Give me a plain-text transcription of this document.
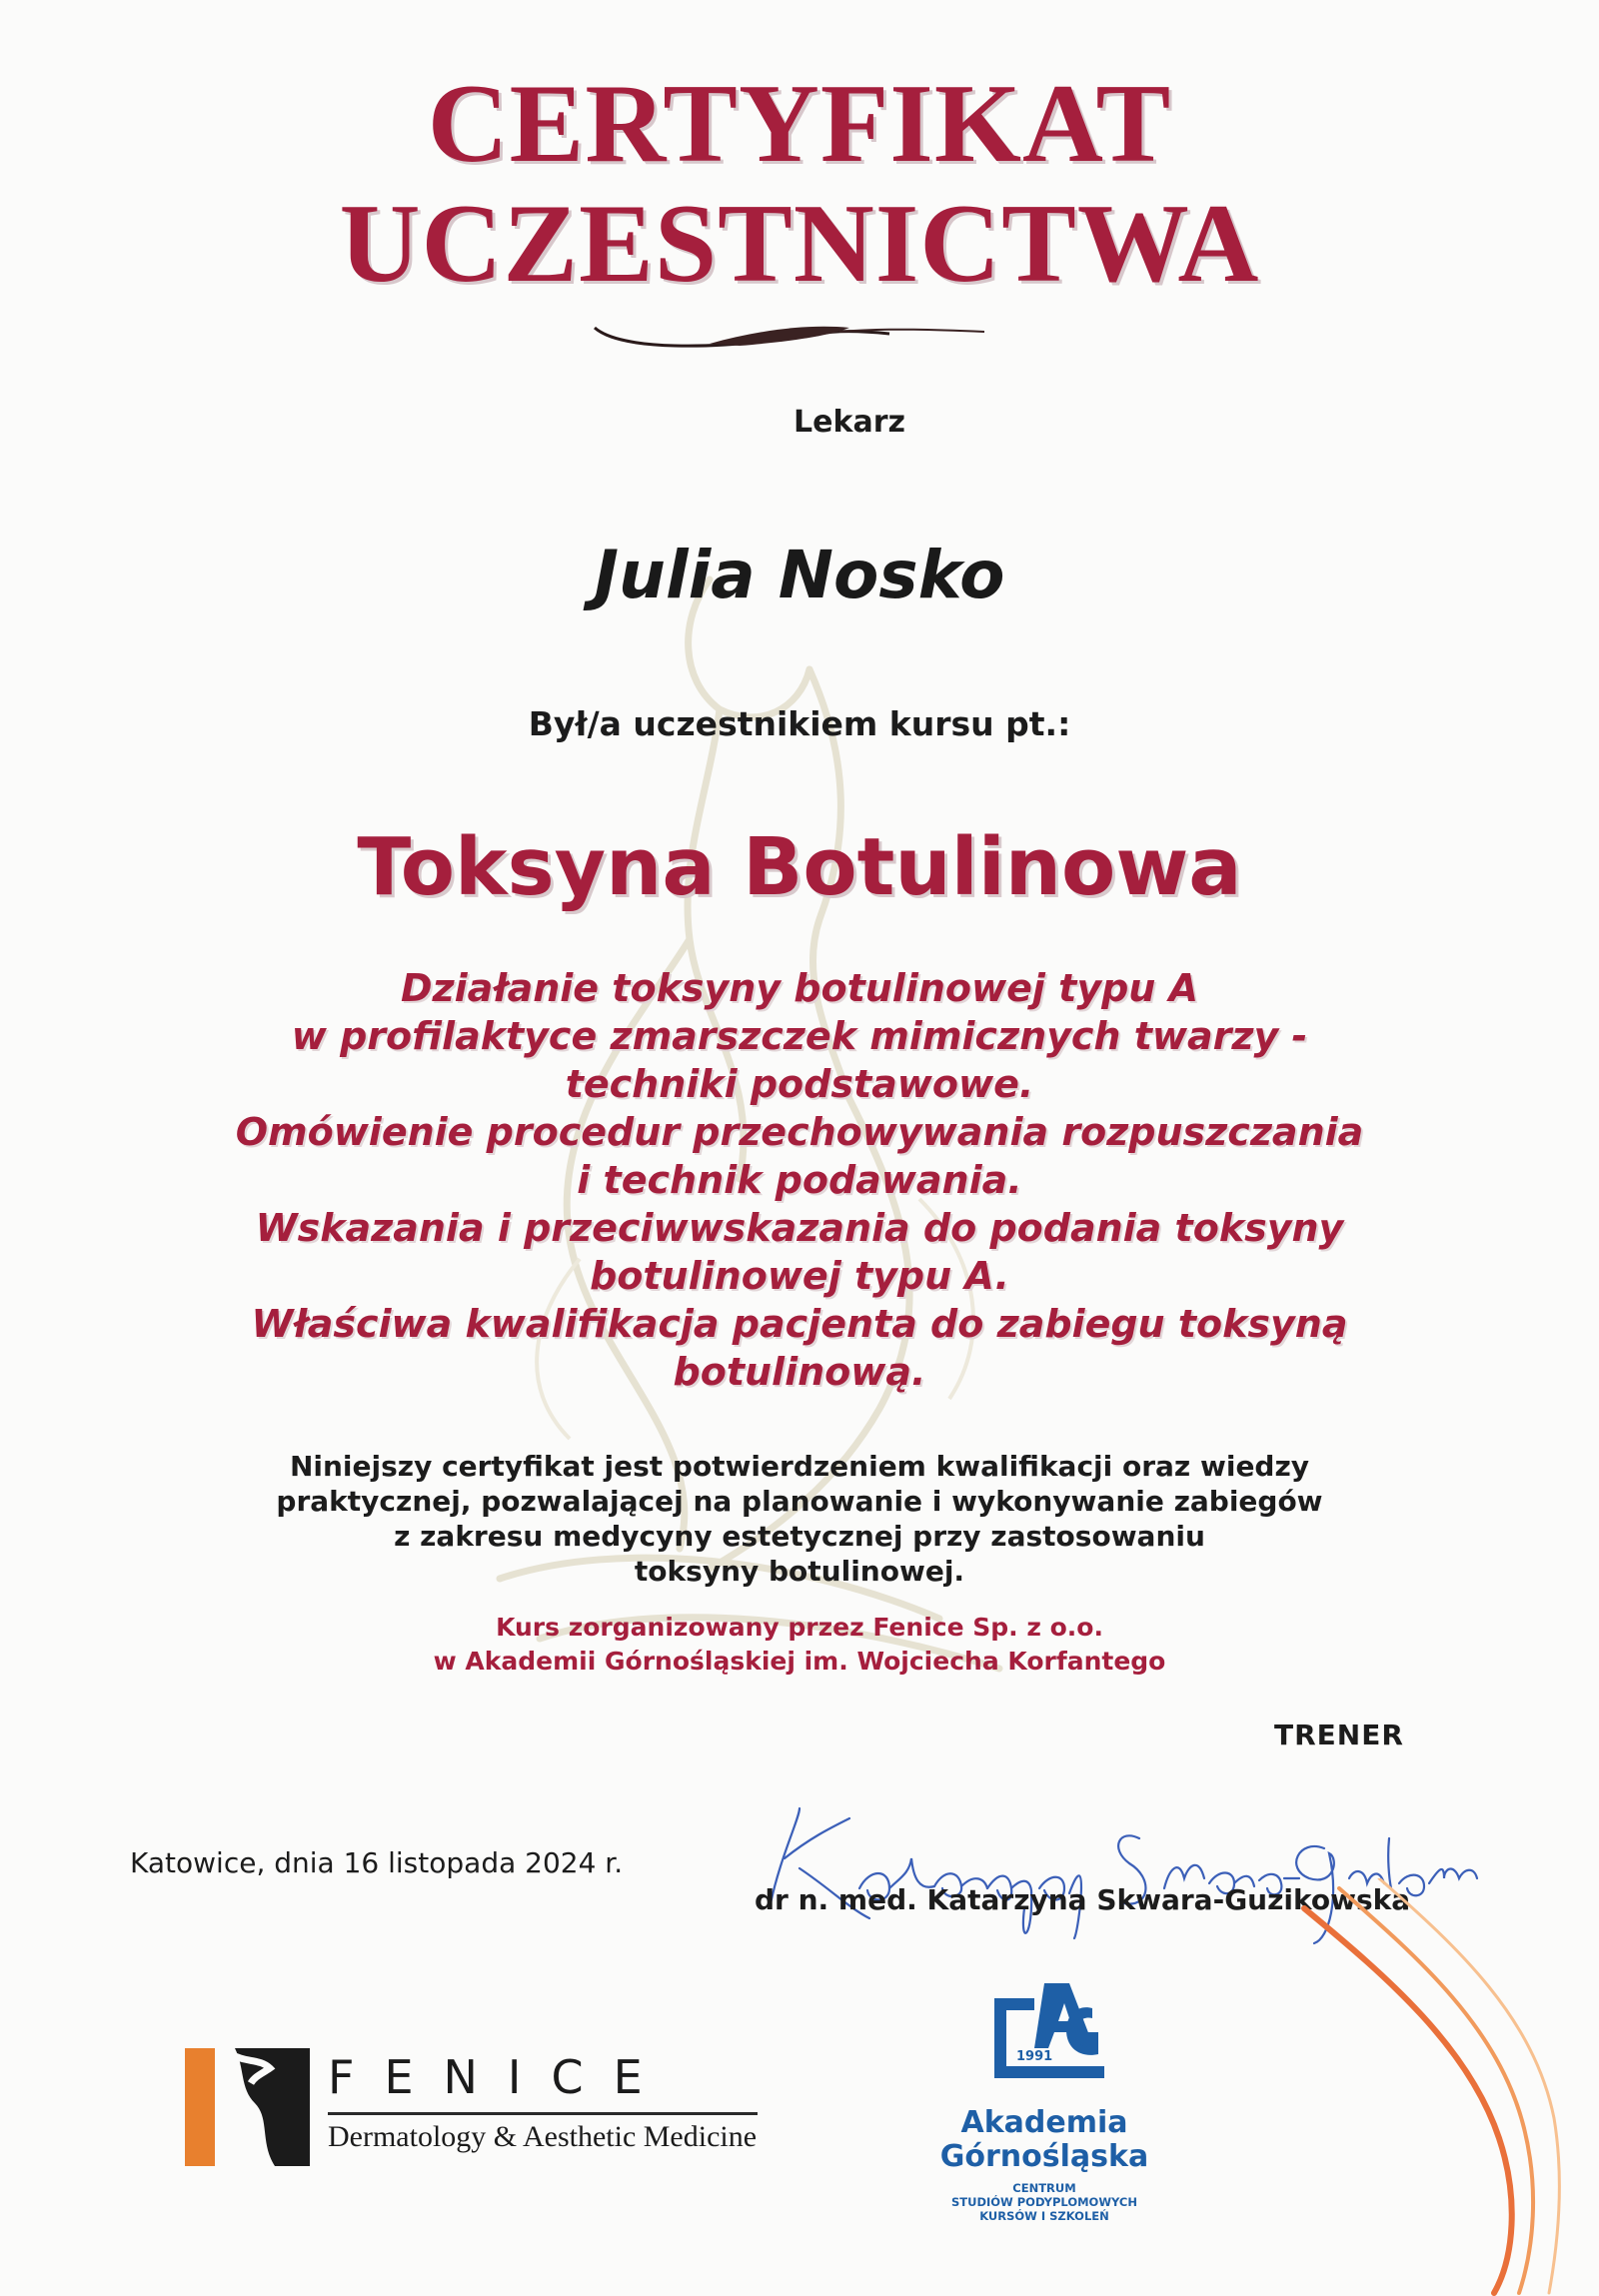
CERTYFIKAT
UCZESTNICTWA
Lekarz
Julia Nosko
Był/a uczestnikiem kursu pt.:
Toksyna Botulinowa
Działanie toksyny botulinowej typu A
w profilaktyce zmarszczek mimicznych twarzy -
techniki podstawowe.
Omówienie procedur przechowywania rozpuszczania
i technik podawania.
Wskazania i przeciwwskazania do podania toksyny
botulinowej typu A.
Właściwa kwalifikacja pacjenta do zabiegu toksyną
botulinową.
Niniejszy certyfikat jest potwierdzeniem kwalifikacji oraz wiedzy
praktycznej, pozwalającej na planowanie i wykonywanie zabiegów
z zakresu medycyny estetycznej przy zastosowaniu
toksyny botulinowej.
Kurs zorganizowany przez Fenice Sp. z o.o.
w Akademii Górnośląskiej im. Wojciecha Korfantego
TRENER
Katowice, dnia 16 listopada 2024 r.
dr n. med. Katarzyna Skwara-Guzikowska
FENICE
Dermatology & Aesthetic Medicine
1991
Akademia
Górnośląska
CENTRUM
STUDIÓW PODYPLOMOWYCH
KURSÓW I SZKOLEŃ
